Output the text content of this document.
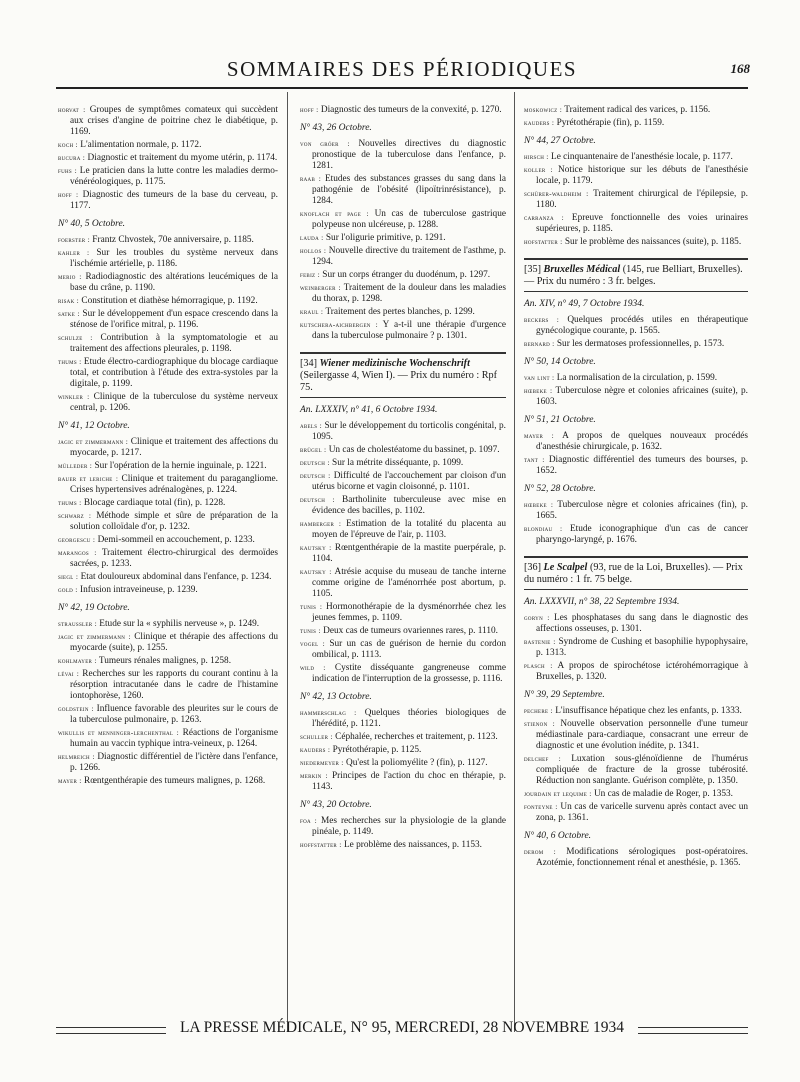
SOMMAIRES DES PÉRIODIQUES	168
horvat : Groupes de symptômes comateux qui succèdent aux crises d'angine de poitrine chez le diabétique, p. 1169.
koch : L'alimentation normale, p. 1172.
bucura : Diagnostic et traitement du myome utérin, p. 1174.
fuhs : Le praticien dans la lutte contre les maladies dermo-vénéréologiques, p. 1175.
hoff : Diagnostic des tumeurs de la base du cerveau, p. 1177.
N° 40, 5 Octobre.
foerster : Frantz Chvostek, 70e anniversaire, p. 1185.
kahler : Sur les troubles du système nerveux dans l'ischémie artérielle, p. 1186.
merio : Radiodiagnostic des altérations leucémiques de la base du crâne, p. 1190.
risak : Constitution et diathèse hémorragique, p. 1192.
satke : Sur le développement d'un espace crescendo dans la sténose de l'orifice mitral, p. 1196.
schulze : Contribution à la symptomatologie et au traitement des affections pleurales, p. 1198.
thums : Etude électro-cardiographique du blocage cardiaque total, et contribution à l'étude des extra-systoles par la digitale, p. 1199.
winkler : Clinique de la tuberculose du système nerveux central, p. 1206.
N° 41, 12 Octobre.
jagic et zimmermann : Clinique et traitement des affections du myocarde, p. 1217.
müllеder : Sur l'opération de la hernie inguinale, p. 1221.
bauer et leriche : Clinique et traitement du paragangliome. Crises hypertensives adrénalogènes, p. 1224.
thums : Blocage cardiaque total (fin), p. 1228.
schwarz : Méthode simple et sûre de préparation de la solution colloïdale d'or, p. 1232.
georgescu : Demi-sommeil en accouchement, p. 1233.
marangos : Traitement électro-chirurgical des dermoïdes sacrées, p. 1233.
siegl : Etat douloureux abdominal dans l'enfance, p. 1234.
gold : Infusion intraveineuse, p. 1239.
N° 42, 19 Octobre.
straussler : Etude sur la « syphilis nerveuse », p. 1249.
jagic et zimmermann : Clinique et thérapie des affections du myocarde (suite), p. 1255.
kohlmayer : Tumeurs rénales malignes, p. 1258.
lévai : Recherches sur les rapports du courant continu à la résorption intracutanée dans le cadre de l'histamine iontophorèse, 1260.
goldstein : Influence favorable des pleurites sur le cours de la tuberculose pulmonaire, p. 1263.
wikullis et menninger-lerchenthal : Réactions de l'organisme humain au vaccin typhique intra-veineux, p. 1264.
helmreich : Diagnostic différentiel de l'ictère dans l'enfance, p. 1266.
mayer : Rœntgenthérapie des tumeurs malignes, p. 1268.
hoff : Diagnostic des tumeurs de la convexité, p. 1270.
N° 43, 26 Octobre.
von gröer : Nouvelles directives du diagnostic pronostique de la tuberculose dans l'enfance, p. 1281.
raab : Etudes des substances grasses du sang dans la pathogénie de l'obésité (lipoïtrinrésistance), p. 1284.
knoflach et page : Un cas de tuberculose gastrique polypeuse non ulcéreuse, p. 1288.
lauda : Sur l'oligurie primitive, p. 1291.
hollos : Nouvelle directive du traitement de l'asthme, p. 1294.
febiz : Sur un corps étranger du duodénum, p. 1297.
weinberger : Traitement de la douleur dans les maladies du thorax, p. 1298.
kraul : Traitement des pertes blanches, p. 1299.
kutschera-aichbergen : Y a-t-il une thérapie d'urgence dans la tuberculose pulmonaire ? p. 1301.
[34] Wiener medizinische Wochenschrift (Seilergasse 4, Wien I). — Prix du numéro : Rpf 75.
An. LXXXIV, n° 41, 6 Octobre 1934.
abels : Sur le développement du torticolis congénital, p. 1095.
brügel : Un cas de cholestéatome du bassinet, p. 1097.
deutsch : Sur la métrite disséquante, p. 1099.
deutsch : Difficulté de l'accouchement par cloison d'un utérus bicorne et vagin cloisonné, p. 1101.
deutsch : Bartholinite tuberculeuse avec mise en évidence des bacilles, p. 1102.
hamberger : Estimation de la totalité du placenta au moyen de l'épreuve de l'air, p. 1103.
kautsky : Rœntgenthérapie de la mastite puerpérale, p. 1104.
kautsky : Atrésie acquise du museau de tanche interne comme origine de l'aménorrhée post abortum, p. 1105.
tunis : Hormonothérapie de la dysménorrhée chez les jeunes femmes, p. 1109.
tunis : Deux cas de tumeurs ovariennes rares, p. 1110.
vogel : Sur un cas de guérison de hernie du cordon ombilical, p. 1113.
wild : Cystite disséquante gangreneuse comme indication de l'interruption de la grossesse, p. 1116.
N° 42, 13 Octobre.
hammerschlag : Quelques théories biologiques de l'hérédité, p. 1121.
schuller : Céphalée, recherches et traitement, p. 1123.
kauders : Pyrétothérapie, p. 1125.
niedermeyer : Qu'est la poliomyélite ? (fin), p. 1127.
merkin : Principes de l'action du choc en thérapie, p. 1143.
N° 43, 20 Octobre.
foa : Mes recherches sur la physiologie de la glande pinéale, p. 1149.
hoffstatter : Le problème des naissances, p. 1153.
moskowicz : Traitement radical des varices, p. 1156.
kauders : Pyrétothérapie (fin), p. 1159.
N° 44, 27 Octobre.
hirsch : Le cinquantenaire de l'anesthésie locale, p. 1177.
koller : Notice historique sur les débuts de l'anesthésie locale, p. 1179.
schürer-waldheim : Traitement chirurgical de l'épilepsie, p. 1180.
carranza : Epreuve fonctionnelle des voies urinaires supérieures, p. 1185.
hofstatter : Sur le problème des naissances (suite), p. 1185.
[35] Bruxelles Médical (145, rue Belliart, Bruxelles). — Prix du numéro : 3 fr. belges.
An. XIV, n° 49, 7 Octobre 1934.
beckers : Quelques procédés utiles en thérapeutique gynécologique courante, p. 1565.
bernard : Sur les dermatoses professionnelles, p. 1573.
N° 50, 14 Octobre.
van lint : La normalisation de la circulation, p. 1599.
hœbeke : Tuberculose nègre et colonies africaines (suite), p. 1603.
N° 51, 21 Octobre.
mayer : A propos de quelques nouveaux procédés d'anesthésie chirurgicale, p. 1632.
tant : Diagnostic différentiel des tumeurs des bourses, p. 1652.
N° 52, 28 Octobre.
hœbeke : Tuberculose nègre et colonies africaines (fin), p. 1665.
blondiau : Etude iconographique d'un cas de cancer pharyngo-laryngé, p. 1676.
[36] Le Scalpel (93, rue de la Loi, Bruxelles). — Prix du numéro : 1 fr. 75 belge.
An. LXXXVII, n° 38, 22 Septembre 1934.
goryn : Les phosphatases du sang dans le diagnostic des affections osseuses, p. 1301.
bastenie : Syndrome de Cushing et basophilie hypophysaire, p. 1313.
plasch : A propos de spirochétose ictérohémorragique à Bruxelles, p. 1320.
N° 39, 29 Septembre.
pechere : L'insuffisance hépatique chez les enfants, p. 1333.
stienon : Nouvelle observation personnelle d'une tumeur médiastinale para-cardiaque, consacrant une erreur de diagnostic et une évolution inédite, p. 1341.
delchef : Luxation sous-glénoïdienne de l'humérus compliquée de fracture de la grosse tubérosité. Réduction non sanglante. Guérison complète, p. 1350.
jourdain et lequime : Un cas de maladie de Roger, p. 1353.
fonteyne : Un cas de varicelle survenu après contact avec un zona, p. 1361.
N° 40, 6 Octobre.
derom : Modifications sérologiques post-opératoires. Azotémie, fonctionnement rénal et anesthésie, p. 1365.
LA PRESSE MÉDICALE, N° 95, MERCREDI, 28 NOVEMBRE 1934
